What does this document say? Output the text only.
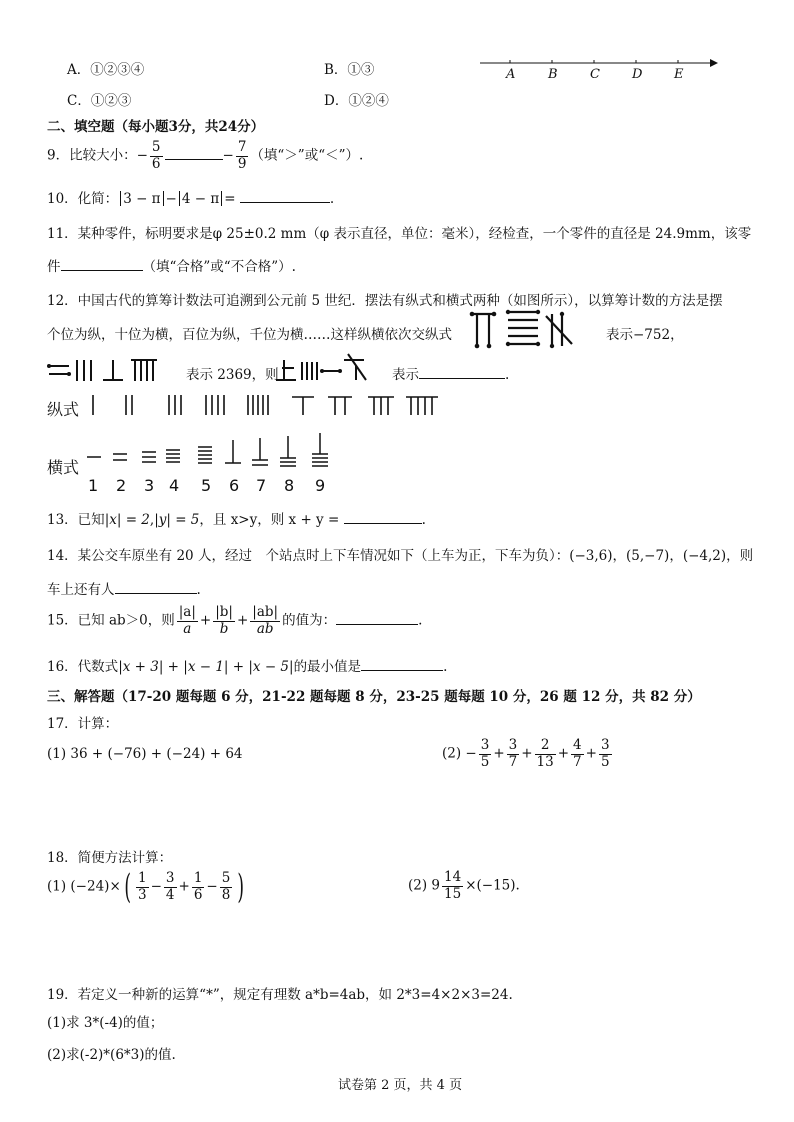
A．①②③④	B．①③
C．①②③	D．①②④
A	B C D E
二、填空题（每小题3分，共24分）
9．比较大小：− $\frac{5}{6}$	− $\frac{7}{9}$ （填“＞”或“＜”）.
10．化简： 3 − π − 4 − π =	.
11．某种零件，标明要求是φ 25±0.2 mm（φ 表示直径，单位：毫米），经检查，一个零件的直径是 24.9mm，该零
件	（填“合格”或“不合格”）.
12．中国古代的算筹计数法可追溯到公元前 5 世纪．摆法有纵式和横式两种（如图所示），以算筹计数的方法是摆
个位为纵，十位为横，百位为纵，千位为横……这样纵横依次交纵式	表示−752，
表示 2369，则	表示	.
纵式
横式
1 2 3 4 5 6 7 8 9
13．已知|x| = 2,|y| = 5，且 x>y，则 x + y =	.
14．某公交车原坐有 20 人，经过　个站点时上下车情况如下（上车为正，下车为负）：(−3,6)，(5,−7)，(−4,2)，则
车上还有人	.
15．已知 ab＞0，则 $\frac{|a|}{a} + \frac{|b|}{b} + \frac{|ab|}{ab}$ 的值为：	.
16．代数式|x + 3| + |x − 1| + |x − 5|的最小值是	.
三、解答题（17-20 题每题 6 分，21-22 题每题 8 分，23-25 题每题 10 分，26 题 12 分，共 82 分）
17．计算：
(1) 36 + (−76) + (−24) + 64	$(2) - \frac{3}{5} + \frac{3}{7} + \frac{2}{13} + \frac{4}{7} + \frac{3}{5}$
18．简便方法计算：
(1) $(-24)\times( \frac{1}{3} - \frac{3}{4} + \frac{1}{6} - \frac{5}{8}$ )	(2) $9 \frac{14}{15} \times(-15)$.
19．若定义一种新的运算“*”，规定有理数 a*b=4ab，如 2*3=4×2×3=24.
(1)求 3*(-4)的值；
(2)求(-2)*(6*3)的值.
试卷第 2 页，共 4 页
